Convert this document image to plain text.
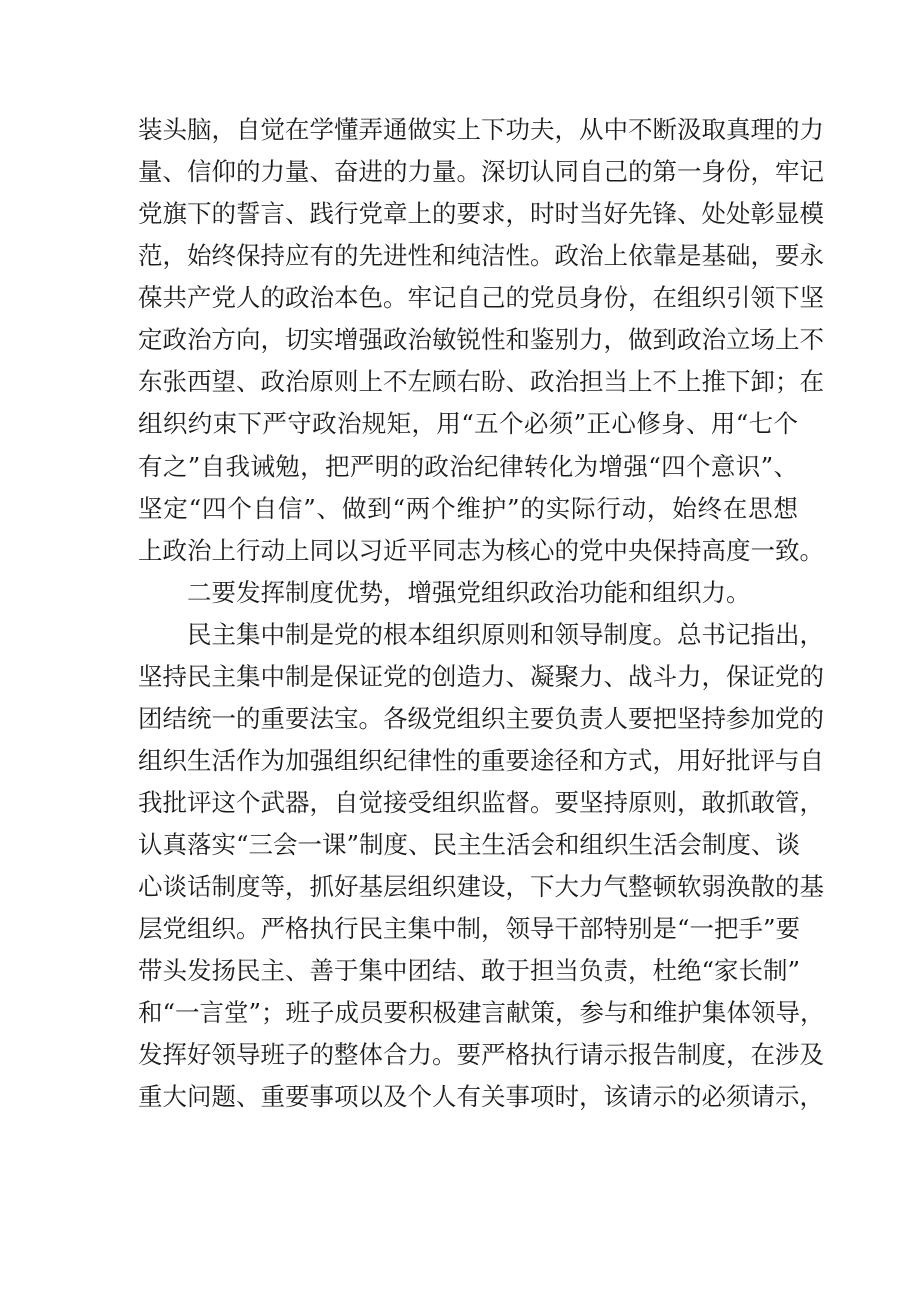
装头脑，自觉在学懂弄通做实上下功夫，从中不断汲取真理的力
量、信仰的力量、奋进的力量。深切认同自己的第一身份，牢记
党旗下的誓言、践行党章上的要求，时时当好先锋、处处彰显模
范，始终保持应有的先进性和纯洁性。政治上依靠是基础，要永
葆共产党人的政治本色。牢记自己的党员身份，在组织引领下坚
定政治方向，切实增强政治敏锐性和鉴别力，做到政治立场上不
东张西望、政治原则上不左顾右盼、政治担当上不上推下卸；在
组织约束下严守政治规矩，用“五个必须”正心修身、用“七个
有之”自我诫勉，把严明的政治纪律转化为增强“四个意识”、
坚定“四个自信”、做到“两个维护”的实际行动，始终在思想
上政治上行动上同以习近平同志为核心的党中央保持高度一致。
二要发挥制度优势，增强党组织政治功能和组织力。
民主集中制是党的根本组织原则和领导制度。总书记指出，
坚持民主集中制是保证党的创造力、凝聚力、战斗力，保证党的
团结统一的重要法宝。各级党组织主要负责人要把坚持参加党的
组织生活作为加强组织纪律性的重要途径和方式，用好批评与自
我批评这个武器，自觉接受组织监督。要坚持原则，敢抓敢管，
认真落实“三会一课”制度、民主生活会和组织生活会制度、谈
心谈话制度等，抓好基层组织建设，下大力气整顿软弱涣散的基
层党组织。严格执行民主集中制，领导干部特别是“一把手”要
带头发扬民主、善于集中团结、敢于担当负责，杜绝“家长制”
和“一言堂”；班子成员要积极建言献策，参与和维护集体领导，
发挥好领导班子的整体合力。要严格执行请示报告制度，在涉及
重大问题、重要事项以及个人有关事项时，该请示的必须请示，
